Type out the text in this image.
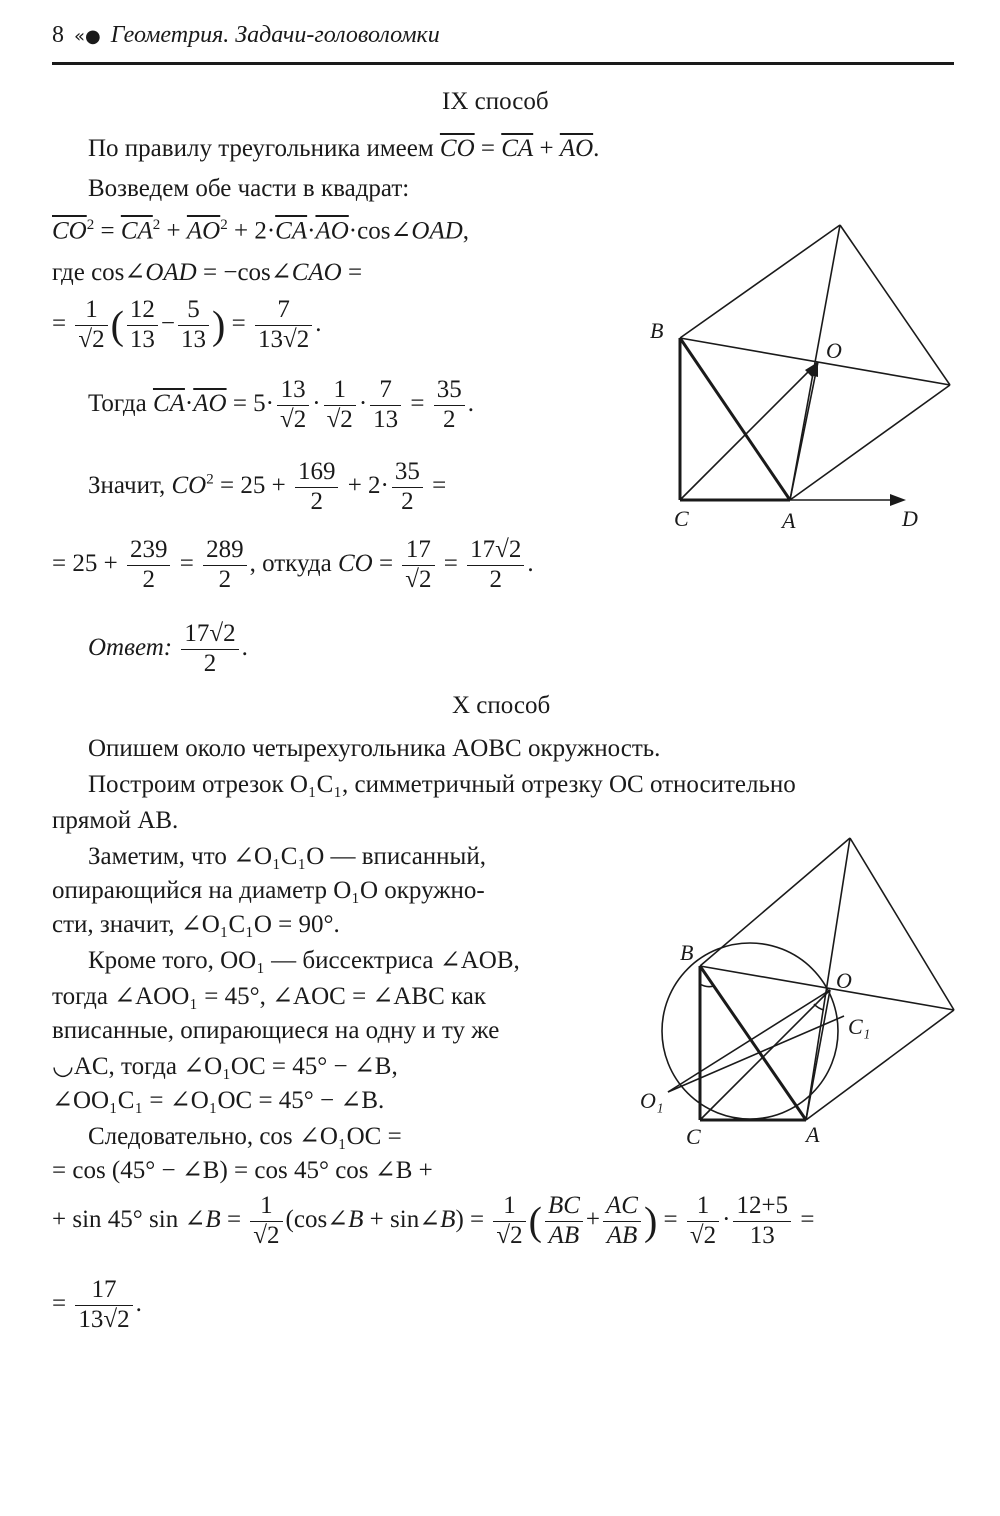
8 «● Геометрия. Задачи-головоломки
IX способ
По правилу треугольника имеем $\overline{CO} = \overline{CA} + \overline{AO}$.
Возведем обе части в квадрат:
$\overline{CO}^2 = \overline{CA}^2 + \overline{AO}^2$ + $2\cdot\overline{CA}\cdot\overline{AO}\cdot\cos\angle OAD$,
где cos∠OAD = −cos∠CAO =
= $\frac{1}{√2}$ ( $\frac{12}{13} - \frac{5}{13}$ ) = $\frac{7}{13√2}$ .
Тогда $\overline{CA}\cdot\overline{AO} = 5\cdot \frac{13}{√2} \cdot \frac{1}{√2} \cdot \frac{7}{13} = \frac{35}{2}$ .
Значит, $CO^2 = 25 + \frac{169}{2} + 2\cdot \frac{35}{2}$ =
= $25 + \frac{239}{2} = \frac{289}{2}$ , откуда CO = $\frac{17}{√2} = \frac{17√2}{2}$ .
Ответ: $\frac{17√2}{2}$ .
B
O
C	A	D
X способ
Опишем около четырехугольника AOBC окружность.
Построим отрезок O₁C₁, симметричный отрезку OC относительно
прямой AB.
Заметим, что ∠O₁C₁O — вписанный,
опирающийся на диаметр O₁O окружно-
сти, значит, ∠O₁C₁O = 90°.
Кроме того, OO₁ — биссектриса ∠AOB,
тогда ∠AOO₁ = 45°, ∠AOC = ∠ABC как
вписанные, опирающиеся на одну и ту же
◡AC, тогда ∠O₁OC = 45° − ∠B,
∠OO₁C₁ = ∠O₁OC = 45° − ∠B.
Следовательно, cos ∠O₁OC =
= cos (45° − ∠B) = cos 45° cos ∠B +
+ sin 45° sin ∠B = $\frac{1}{√2}$ (cos∠B + sin∠B) = $\frac{1}{√2}$ ( $\frac{BC}{AB} + \frac{AC}{AB}$ ) = $\frac{1}{√2} \cdot \frac{12+5}{13}$ =
= $\frac{17}{13√2}$ .
B
O
C₁
O₁
C	A
